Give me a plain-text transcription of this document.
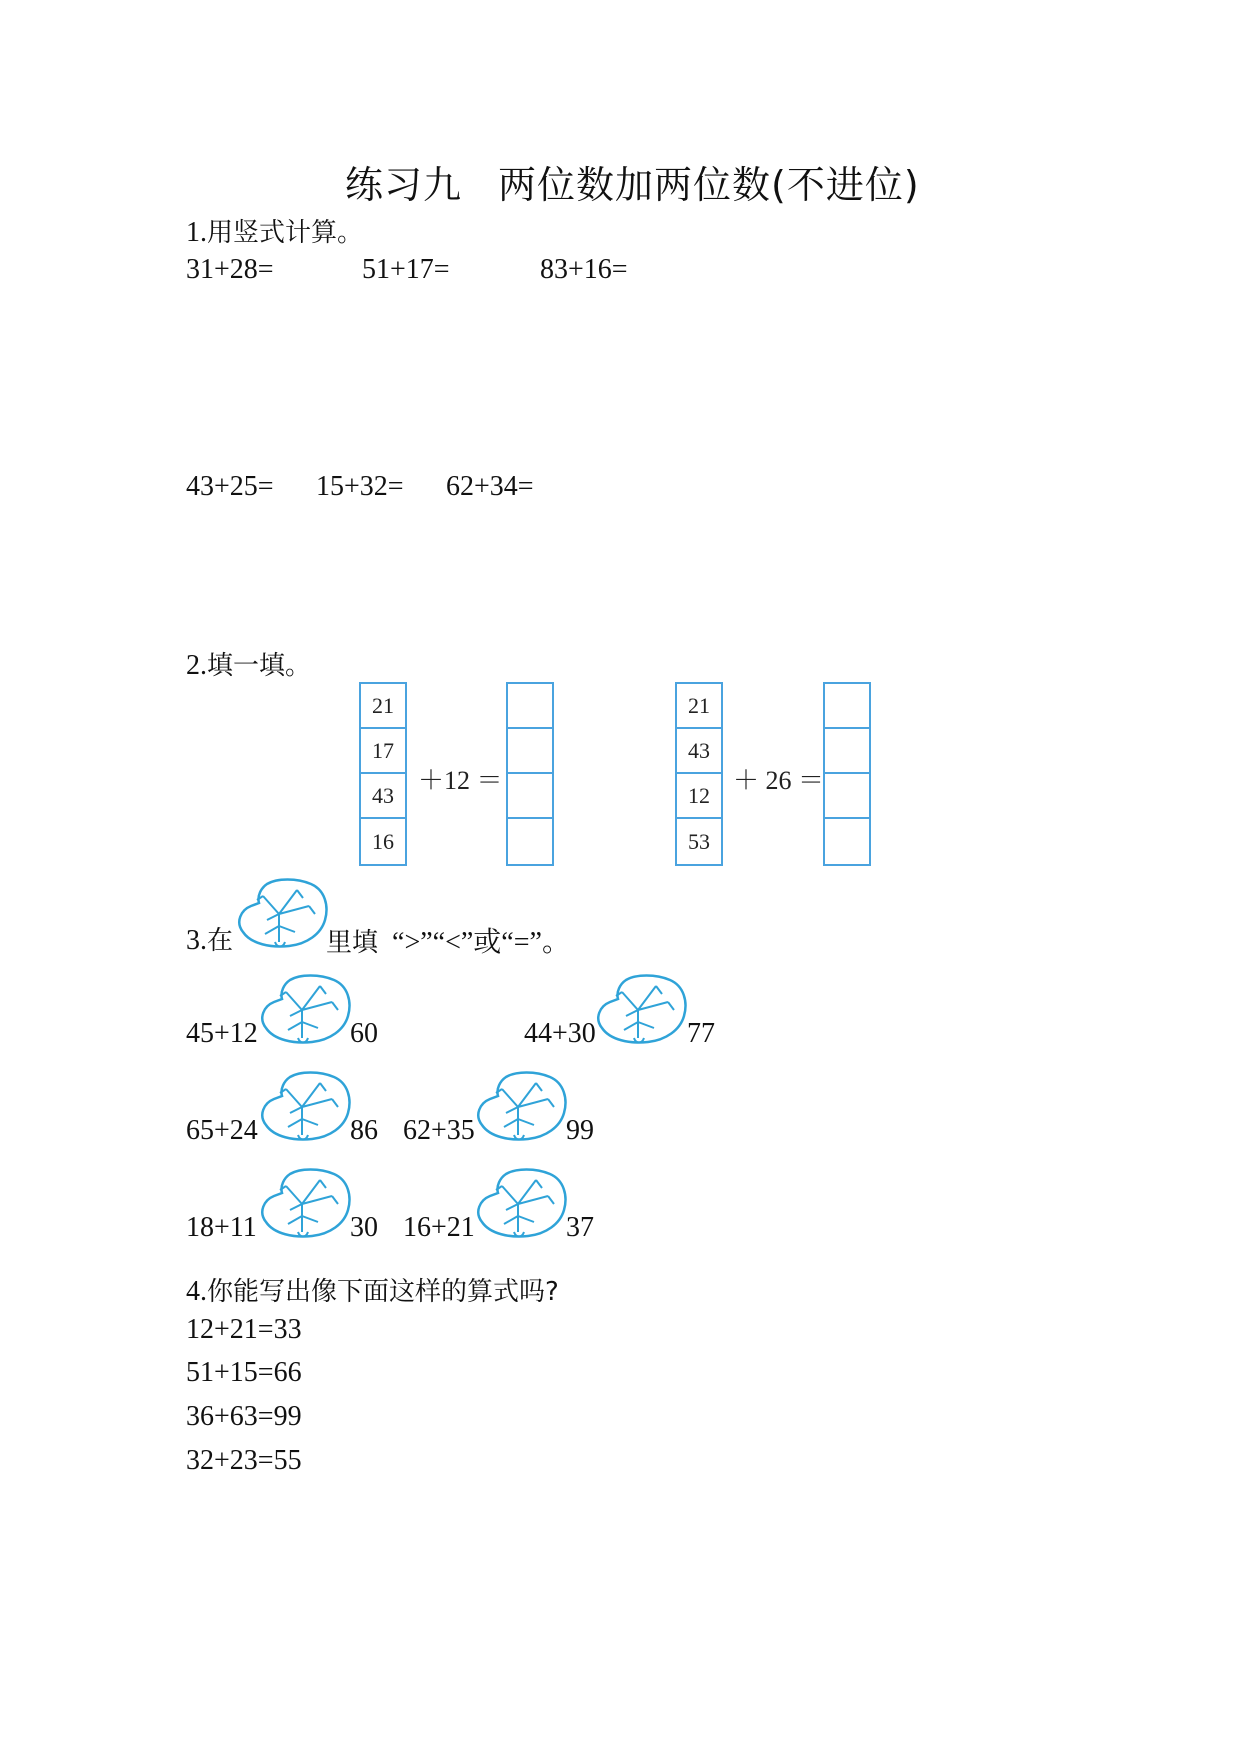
练习九 两位数加两位数(不进位)
1.用竖式计算。
31+28=	51+17=	83+16=
43+25= 15+32= 62+34=
2.填一填。
21
17
43
16
＋12 ＝
21
43
12
53
＋ 26 ＝
3.在	里填 “>”“<”或“=”。
45+12	60	44+30	77
65+24	86 62+35	99
18+11	30 16+21	37
4.你能写出像下面这样的算式吗?
12+21=33
51+15=66
36+63=99
32+23=55
